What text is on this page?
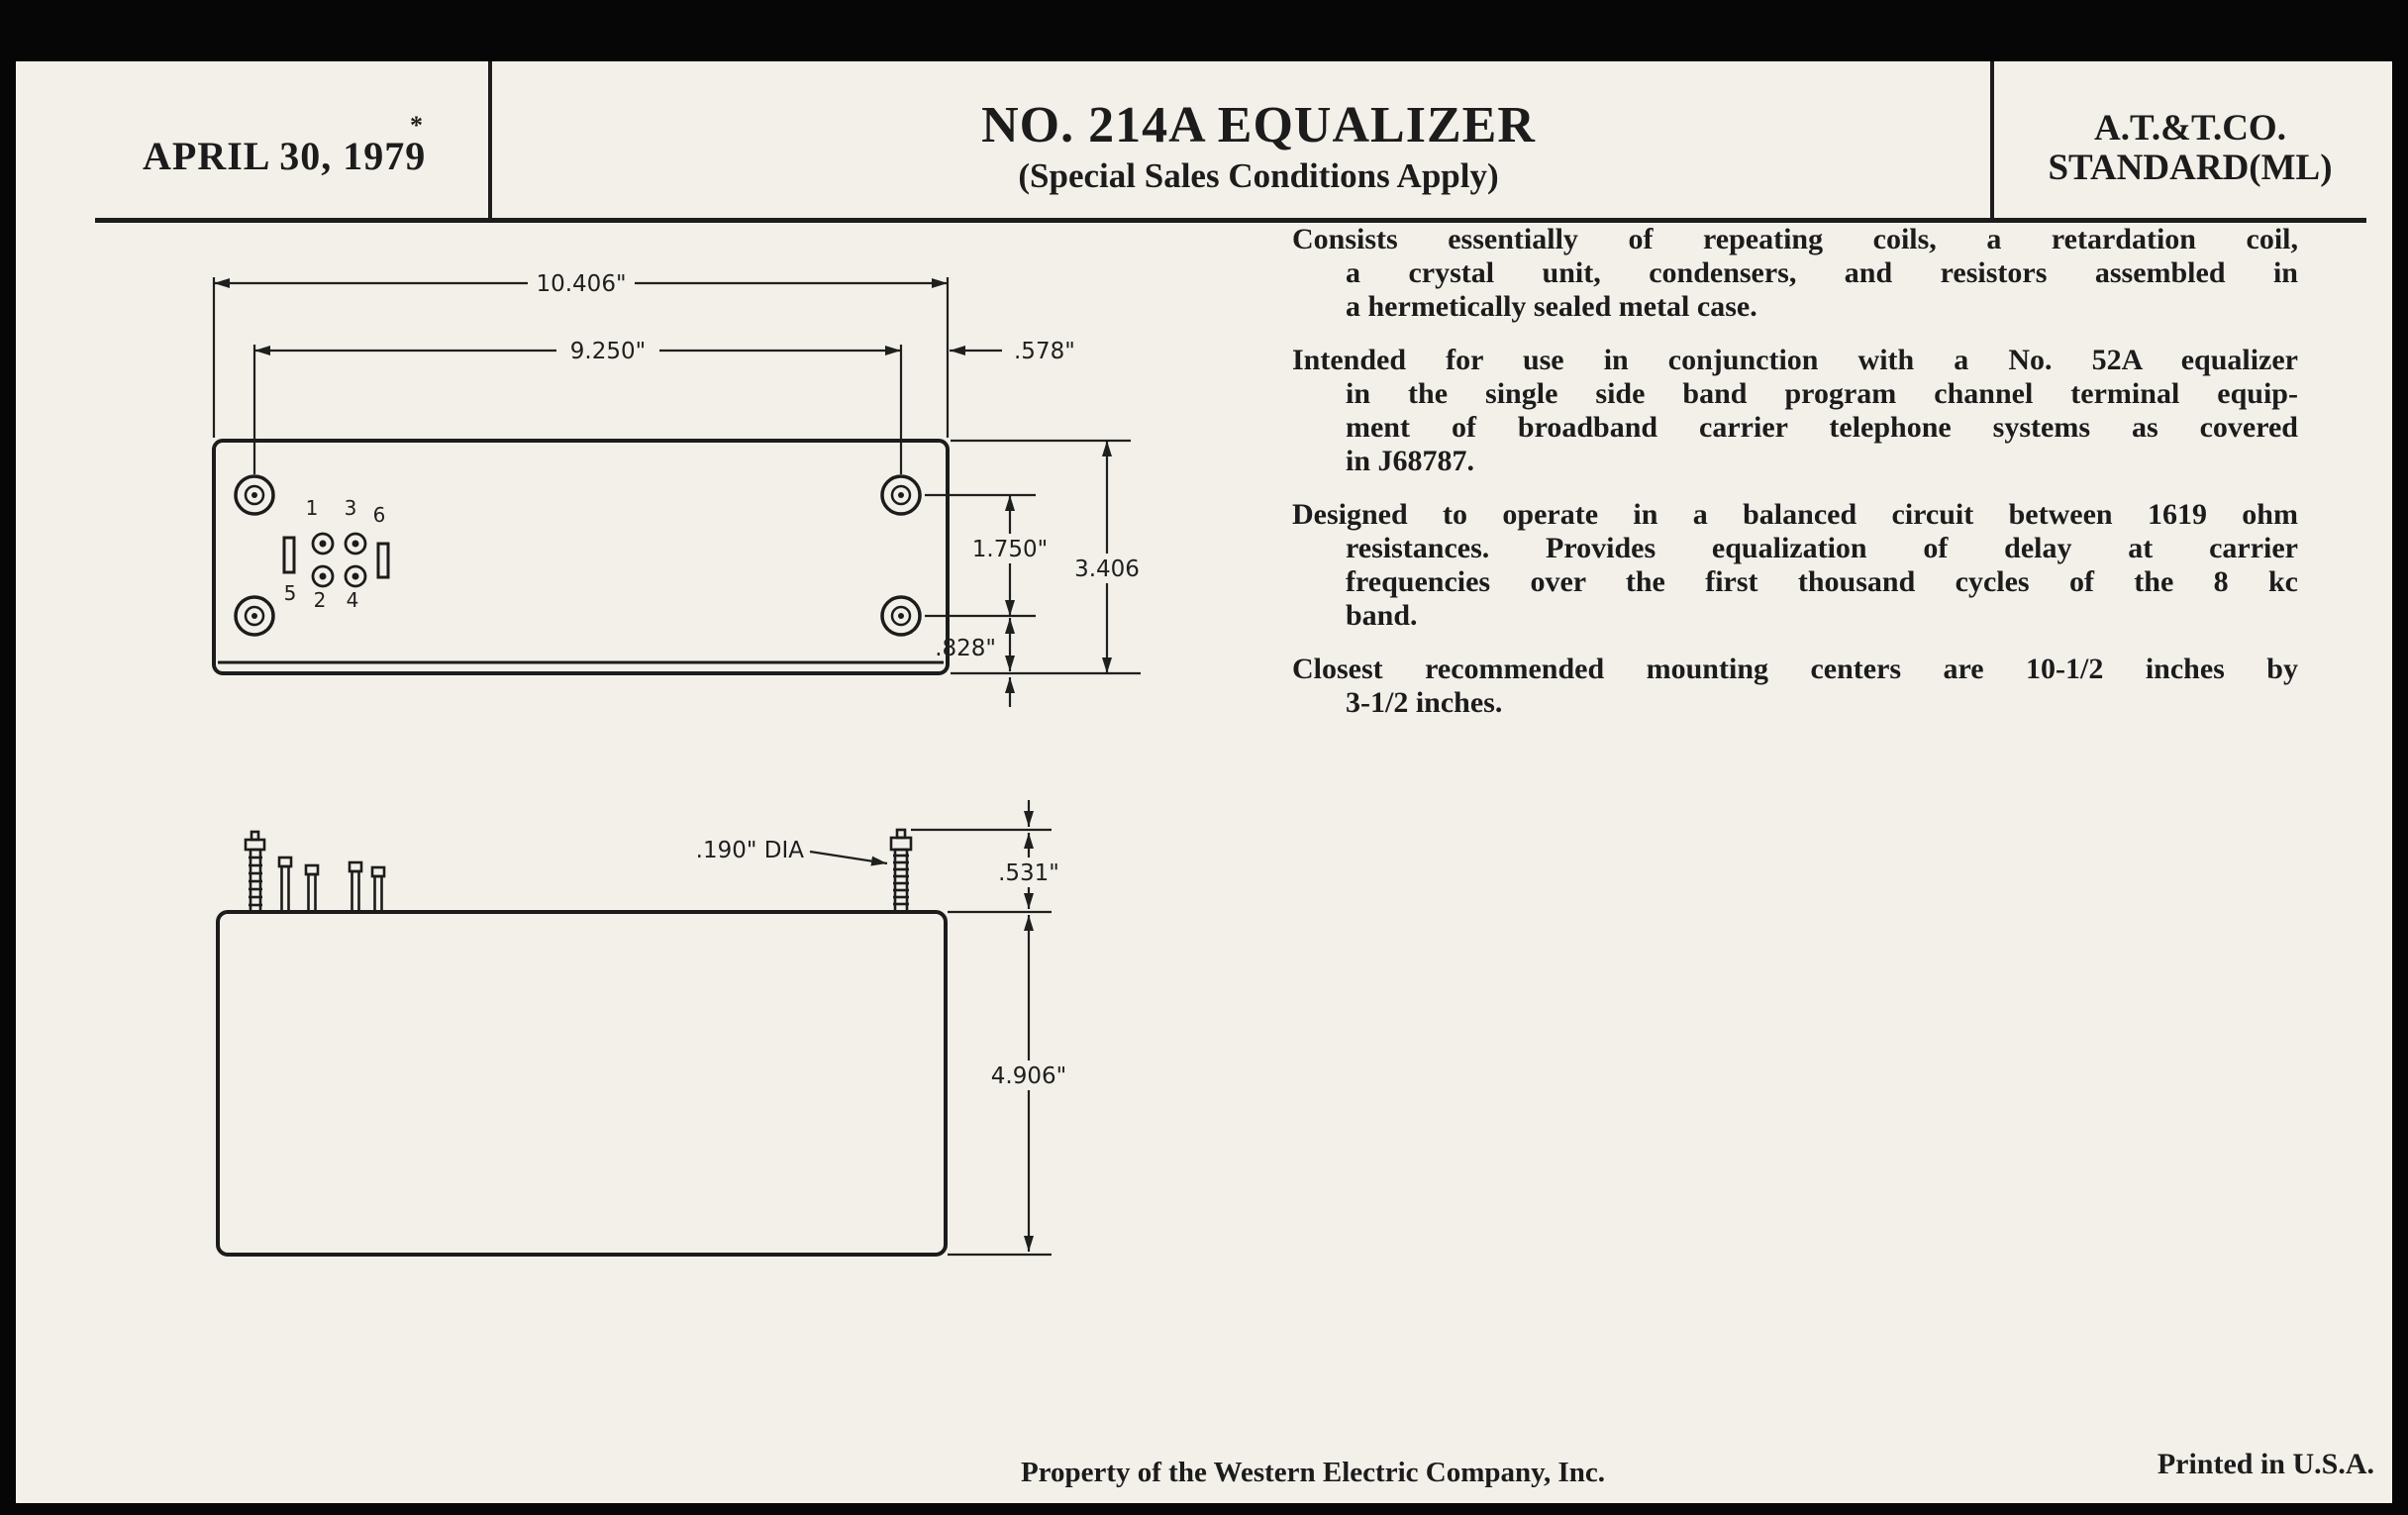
APRIL 30, 1979
*	NO. 214A EQUALIZER
(Special Sales Conditions Apply)
A.T.&T.CO.
STANDARD(ML)
Consists essentially of repeating coils, a retardation coil,
a crystal unit, condensers, and resistors assembled in
a hermetically sealed metal case.
Intended for use in conjunction with a No. 52A equalizer
in the single side band program channel terminal equip-
ment of broadband carrier telephone systems as covered
in J68787.
Designed to operate in a balanced circuit between 1619 ohm
resistances. Provides equalization of delay at carrier
frequencies over the first thousand cycles of the 8 kc
band.
Closest recommended mounting centers are 10-1/2 inches by
3-1/2 inches.
1 3 6
5 2 4
10.406"
9.250"	.578"
1.750"
3.406
.828"
.190" DIA
.531"
4.906"
Property of the Western Electric Company, Inc.	Printed in U.S.A.
